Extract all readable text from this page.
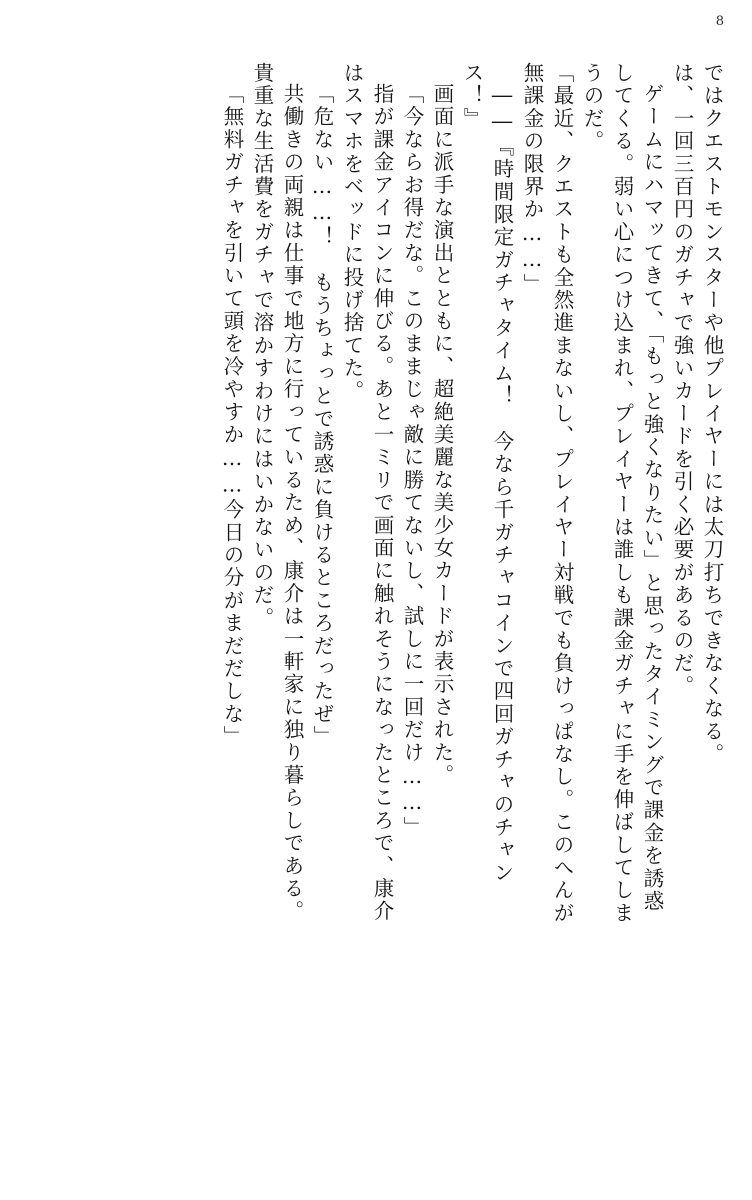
8
ではクエストモンスターや他プレイヤーには太刀打ちできなくなる。
は、一回三百円のガチャで強いカードを引く必要があるのだ。
ゲームにハマッてきて、「もっと強くなりたい」と思ったタイミングで課金を誘惑
してくる。弱い心につけ込まれ、プレイヤーは誰しも課金ガチャに手を伸ばしてしま
うのだ。
「最近、クエストも全然進まないし、プレイヤー対戦でも負けっぱなし。このへんが
無課金の限界か……」
――『時間限定ガチャタイム！　今なら千ガチャコインで四回ガチャのチャン
ス！』
画面に派手な演出とともに、超絶美麗な美少女カードが表示された。
「今ならお得だな。このままじゃ敵に勝てないし、試しに一回だけ……」
指が課金アイコンに伸びる。あと一ミリで画面に触れそうになったところで、康介
はスマホをベッドに投げ捨てた。
「危ない……！　もうちょっとで誘惑に負けるところだったぜ」
共働きの両親は仕事で地方に行っているため、康介は一軒家に独り暮らしである。
貴重な生活費をガチャで溶かすわけにはいかないのだ。
「無料ガチャを引いて頭を冷やすか……今日の分がまだだしな」
